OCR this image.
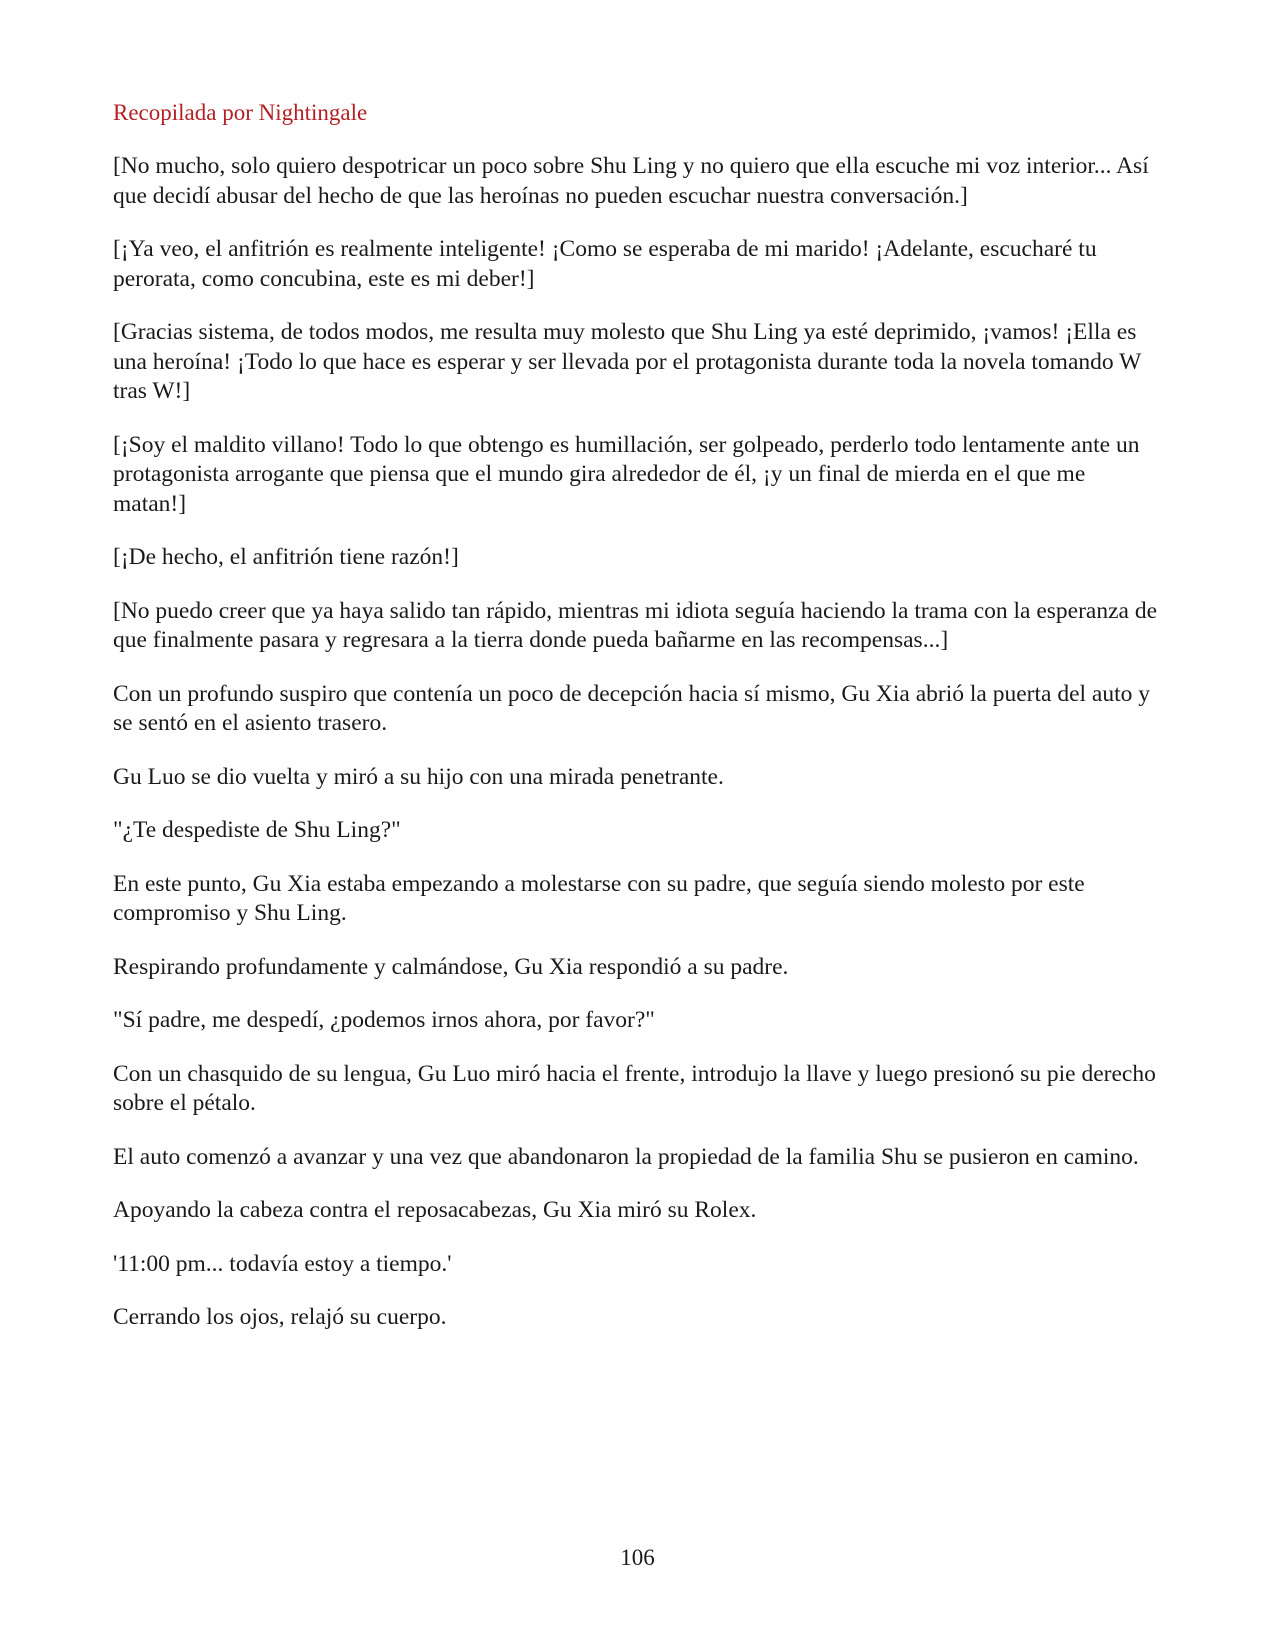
Recopilada por Nightingale

[No mucho, solo quiero despotricar un poco sobre Shu Ling y no quiero que ella escuche mi voz interior... Así que decidí abusar del hecho de que las heroínas no pueden escuchar nuestra conversación.]

[¡Ya veo, el anfitrión es realmente inteligente! ¡Como se esperaba de mi marido! ¡Adelante, escucharé tu perorata, como concubina, este es mi deber!]

[Gracias sistema, de todos modos, me resulta muy molesto que Shu Ling ya esté deprimido, ¡vamos! ¡Ella es una heroína! ¡Todo lo que hace es esperar y ser llevada por el protagonista durante toda la novela tomando W tras W!]

[¡Soy el maldito villano! Todo lo que obtengo es humillación, ser golpeado, perderlo todo lentamente ante un protagonista arrogante que piensa que el mundo gira alrededor de él, ¡y un final de mierda en el que me matan!]

[¡De hecho, el anfitrión tiene razón!]

[No puedo creer que ya haya salido tan rápido, mientras mi idiota seguía haciendo la trama con la esperanza de que finalmente pasara y regresara a la tierra donde pueda bañarme en las recompensas...]

Con un profundo suspiro que contenía un poco de decepción hacia sí mismo, Gu Xia abrió la puerta del auto y se sentó en el asiento trasero.

Gu Luo se dio vuelta y miró a su hijo con una mirada penetrante.

"¿Te despediste de Shu Ling?"

En este punto, Gu Xia estaba empezando a molestarse con su padre, que seguía siendo molesto por este compromiso y Shu Ling.

Respirando profundamente y calmándose, Gu Xia respondió a su padre.

"Sí padre, me despedí, ¿podemos irnos ahora, por favor?"

Con un chasquido de su lengua, Gu Luo miró hacia el frente, introdujo la llave y luego presionó su pie derecho sobre el pétalo.

El auto comenzó a avanzar y una vez que abandonaron la propiedad de la familia Shu se pusieron en camino.

Apoyando la cabeza contra el reposacabezas, Gu Xia miró su Rolex.

'11:00 pm... todavía estoy a tiempo.'

Cerrando los ojos, relajó su cuerpo.

106
